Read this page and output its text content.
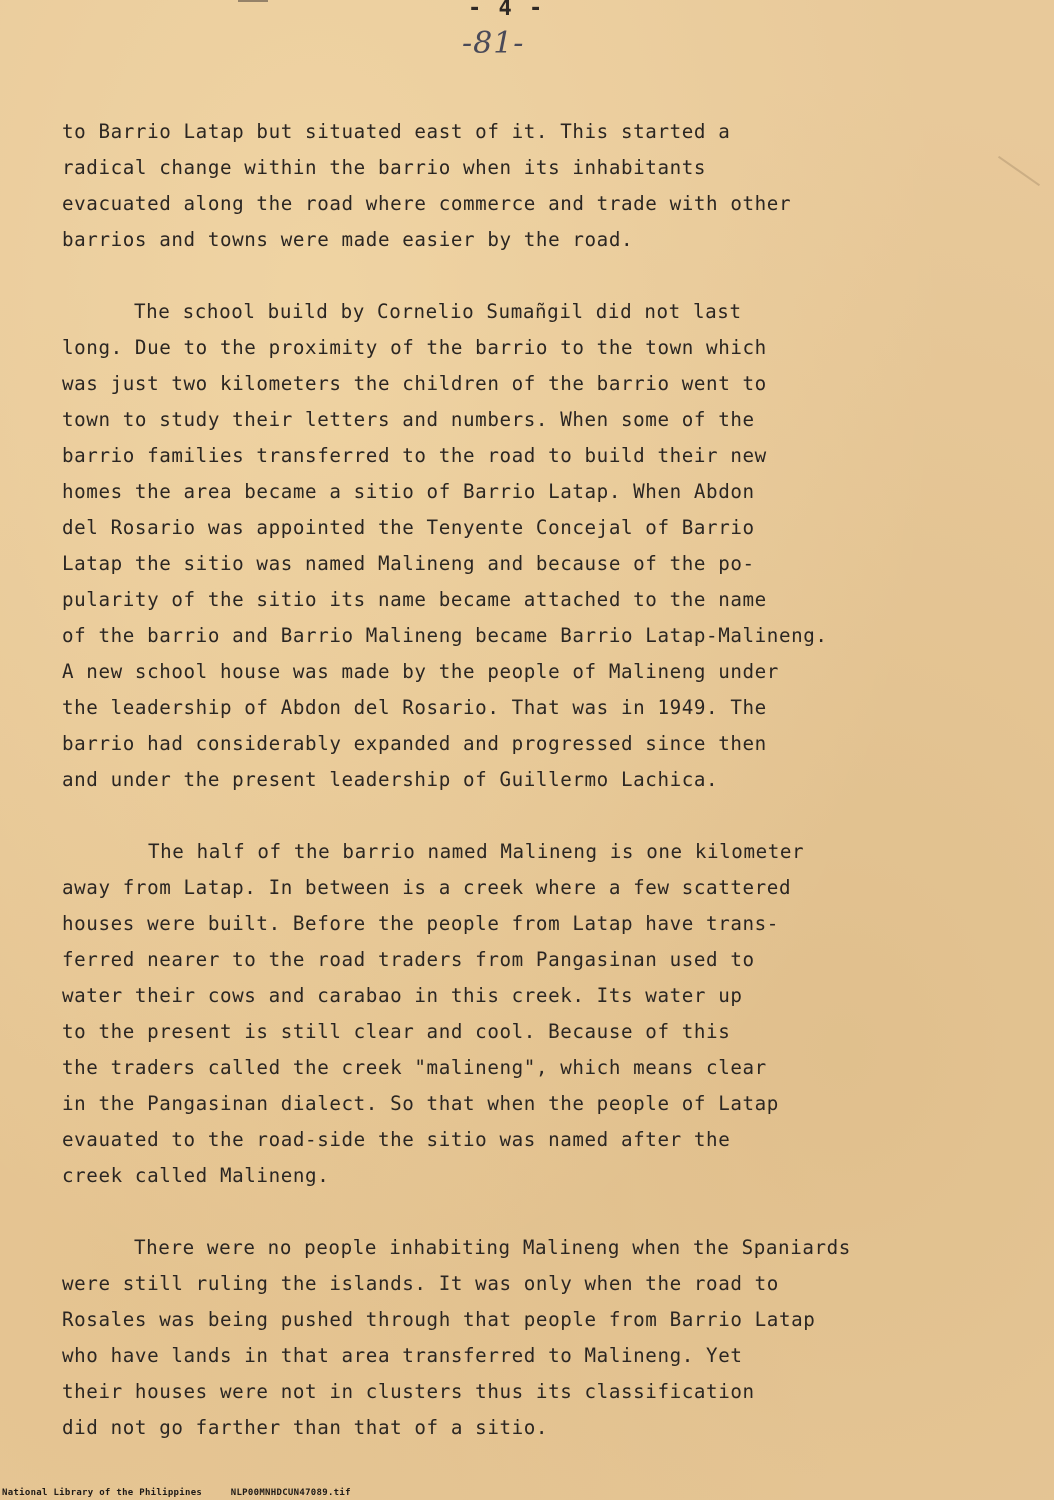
- 4 -
-81-
to Barrio Latap but situated east of it. This started a
radical change within the barrio when its inhabitants
evacuated along the road where commerce and trade with other
barrios and towns were made easier by the road.
The school build by Cornelio Sumañgil did not last
long. Due to the proximity of the barrio to the town which
was just two kilometers the children of the barrio went to
town to study their letters and numbers. When some of the
barrio families transferred to the road to build their new
homes the area became a sitio of Barrio Latap. When Abdon
del Rosario was appointed the Tenyente Concejal of Barrio
Latap the sitio was named Malineng and because of the po-
pularity of the sitio its name became attached to the name
of the barrio and Barrio Malineng became Barrio Latap-Malineng.
A new school house was made by the people of Malineng under
the leadership of Abdon del Rosario. That was in 1949. The
barrio had considerably expanded and progressed since then
and under the present leadership of Guillermo Lachica.
The half of the barrio named Malineng is one kilometer
away from Latap. In between is a creek where a few scattered
houses were built. Before the people from Latap have trans-
ferred nearer to the road traders from Pangasinan used to
water their cows and carabao in this creek. Its water up
to the present is still clear and cool. Because of this
the traders called the creek "malineng", which means clear
in the Pangasinan dialect. So that when the people of Latap
evauated to the road-side the sitio was named after the
creek called Malineng.
There were no people inhabiting Malineng when the Spaniards
were still ruling the islands. It was only when the road to
Rosales was being pushed through that people from Barrio Latap
who have lands in that area transferred to Malineng. Yet
their houses were not in clusters thus its classification
did not go farther than that of a sitio.
National Library of the Philippines     NLP00MNHDCUN47089.tif
